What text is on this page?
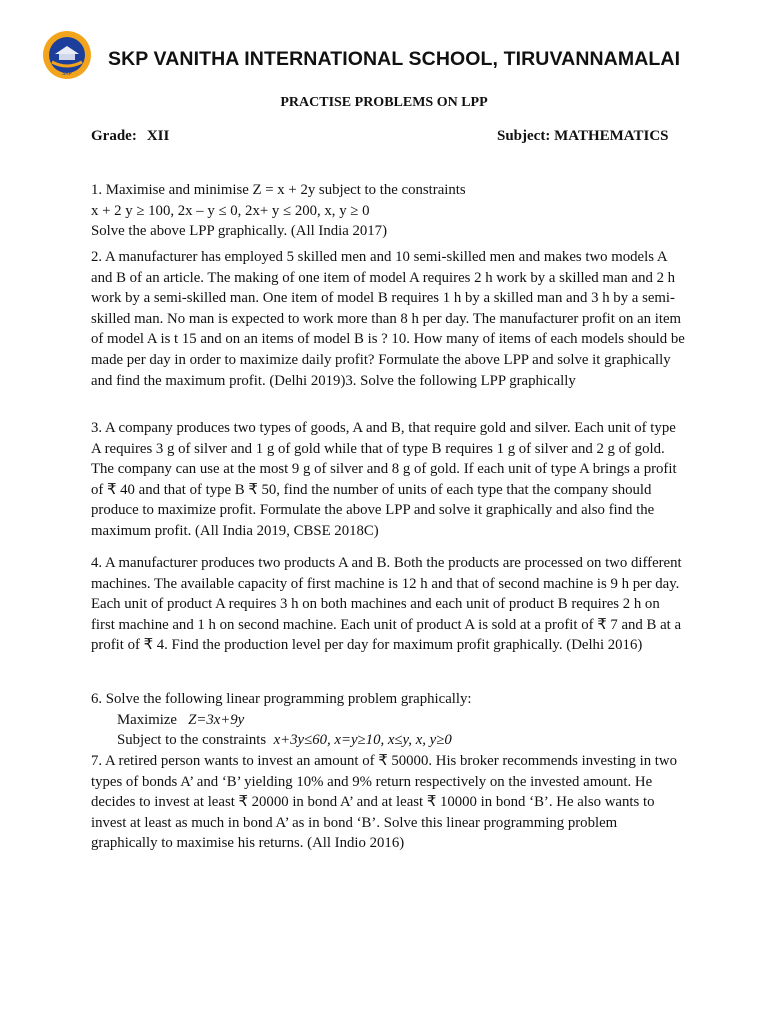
SKP
SKP VANITHA INTERNATIONAL SCHOOL, TIRUVANNAMALAI
PRACTISE PROBLEMS ON LPP
Grade: XII	Subject: MATHEMATICS

1. Maximise and minimise Z = x + 2y subject to the constraints

x + 2 y ≥ 100, 2x – y ≤ 0, 2x+ y ≤ 200, x, y ≥ 0

Solve the above LPP graphically. (All India 2017)

2. A manufacturer has employed 5 skilled men and 10 semi-skilled men and makes two models A and B of an article. The making of one item of model A requires 2 h work by a skilled man and 2 h work by a semi-skilled man. One item of model B requires 1 h by a skilled man and 3 h by a semi-skilled man. No man is expected to work more than 8 h per day. The manufacturer profit on an item of model A is t 15 and on an items of model B is ? 10. How many of items of each models should be made per day in order to maximize daily profit? Formulate the above LPP and solve it graphically and find the maximum profit. (Delhi 2019)3. Solve the following LPP graphically

3. A company produces two types of goods, A and B, that require gold and silver. Each unit of type A requires 3 g of silver and 1 g of gold while that of type B requires 1 g of silver and 2 g of gold. The company can use at the most 9 g of silver and 8 g of gold. If each unit of type A brings a profit of ₹ 40 and that of type B ₹ 50, find the number of units of each type that the company should produce to maximize profit. Formulate the above LPP and solve it graphically and also find the maximum profit. (All India 2019, CBSE 2018C)

4. A manufacturer produces two products A and B. Both the products are processed on two different machines. The available capacity of first machine is 12 h and that of second machine is 9 h per day. Each unit of product A requires 3 h on both machines and each unit of product B requires 2 h on first machine and 1 h on second machine. Each unit of product A is sold at a profit of ₹ 7 and B at a profit of ₹ 4. Find the production level per day for maximum profit graphically. (Delhi 2016)

6. Solve the following linear programming problem graphically:

Maximize Z=3x+9y

Subject to the constraints x+3y≤60, x=y≥10, x≤y, x, y≥0

7. A retired person wants to invest an amount of ₹ 50000. His broker recommends investing in two types of bonds A’ and ‘B’ yielding 10% and 9% return respectively on the invested amount. He decides to invest at least ₹ 20000 in bond A’ and at least ₹ 10000 in bond ‘B’. He also wants to invest at least as much in bond A’ as in bond ‘B’. Solve this linear programming problem graphically to maximise his returns. (All Indio 2016)
